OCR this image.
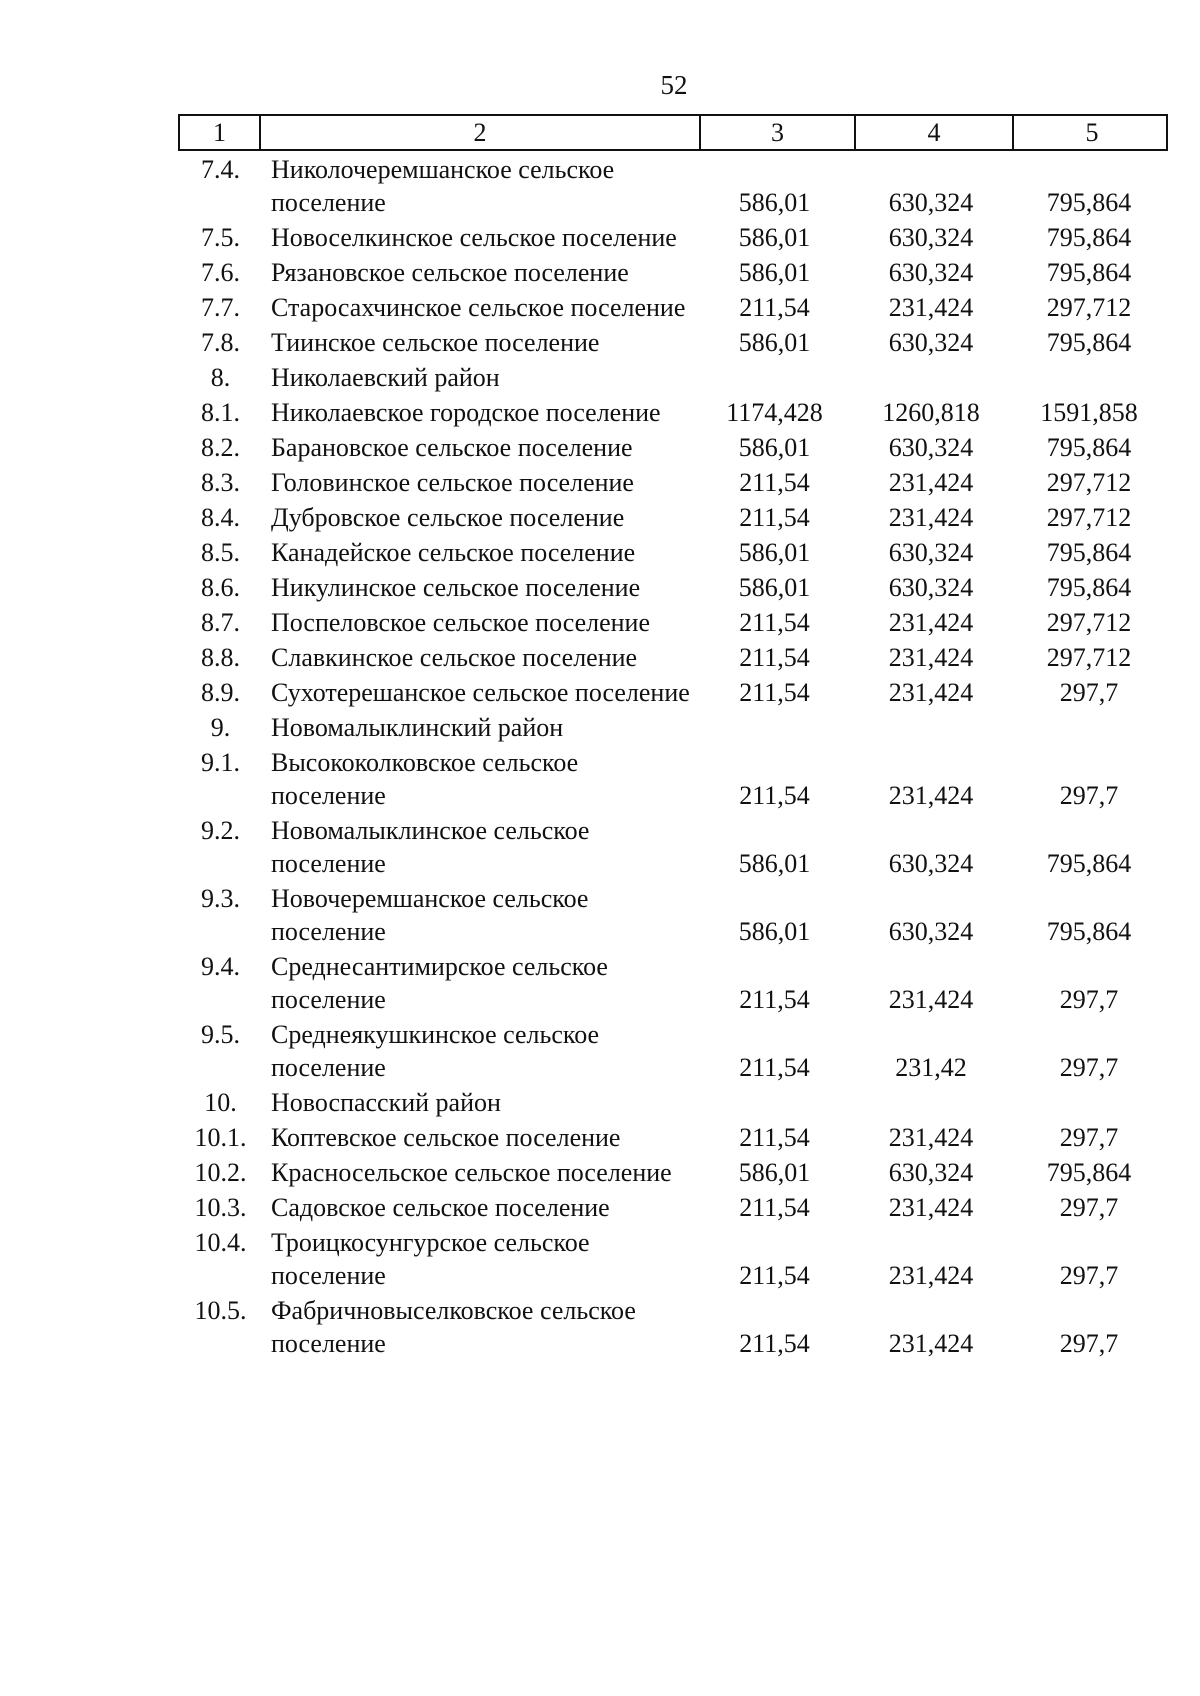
52
1	2	3	4	5
7.4.	Николочеремшанское сельское поселение	586,01	630,324	795,864
7.5.	Новоселкинское сельское поселение	586,01	630,324	795,864
7.6.	Рязановское сельское поселение	586,01	630,324	795,864
7.7.	Старосахчинское сельское поселение	211,54	231,424	297,712
7.8.	Тиинское сельское поселение	586,01	630,324	795,864
8.	Николаевский район
8.1.	Николаевское городское поселение	1174,428	1260,818	1591,858
8.2.	Барановское сельское поселение	586,01	630,324	795,864
8.3.	Головинское сельское поселение	211,54	231,424	297,712
8.4.	Дубровское сельское поселение	211,54	231,424	297,712
8.5.	Канадейское сельское поселение	586,01	630,324	795,864
8.6.	Никулинское сельское поселение	586,01	630,324	795,864
8.7.	Поспеловское сельское поселение	211,54	231,424	297,712
8.8.	Славкинское сельское поселение	211,54	231,424	297,712
8.9.	Сухотерешанское сельское поселение	211,54	231,424	297,7
9.	Новомалыклинский район
9.1.	Высококолковское сельское поселение	211,54	231,424	297,7
9.2.	Новомалыклинское сельское поселение	586,01	630,324	795,864
9.3.	Новочеремшанское сельское поселение	586,01	630,324	795,864
9.4.	Среднесантимирское сельское поселение	211,54	231,424	297,7
9.5.	Среднеякушкинское сельское поселение	211,54	231,42	297,7
10.	Новоспасский район
10.1. Коптевское сельское поселение	211,54	231,424	297,7
10.2. Красносельское сельское поселение	586,01	630,324	795,864
10.3. Садовское сельское поселение	211,54	231,424	297,7
10.4. Троицкосунгурское сельское поселение	211,54	231,424	297,7
10.5. Фабричновыселковское сельское поселение	211,54	231,424	297,7
